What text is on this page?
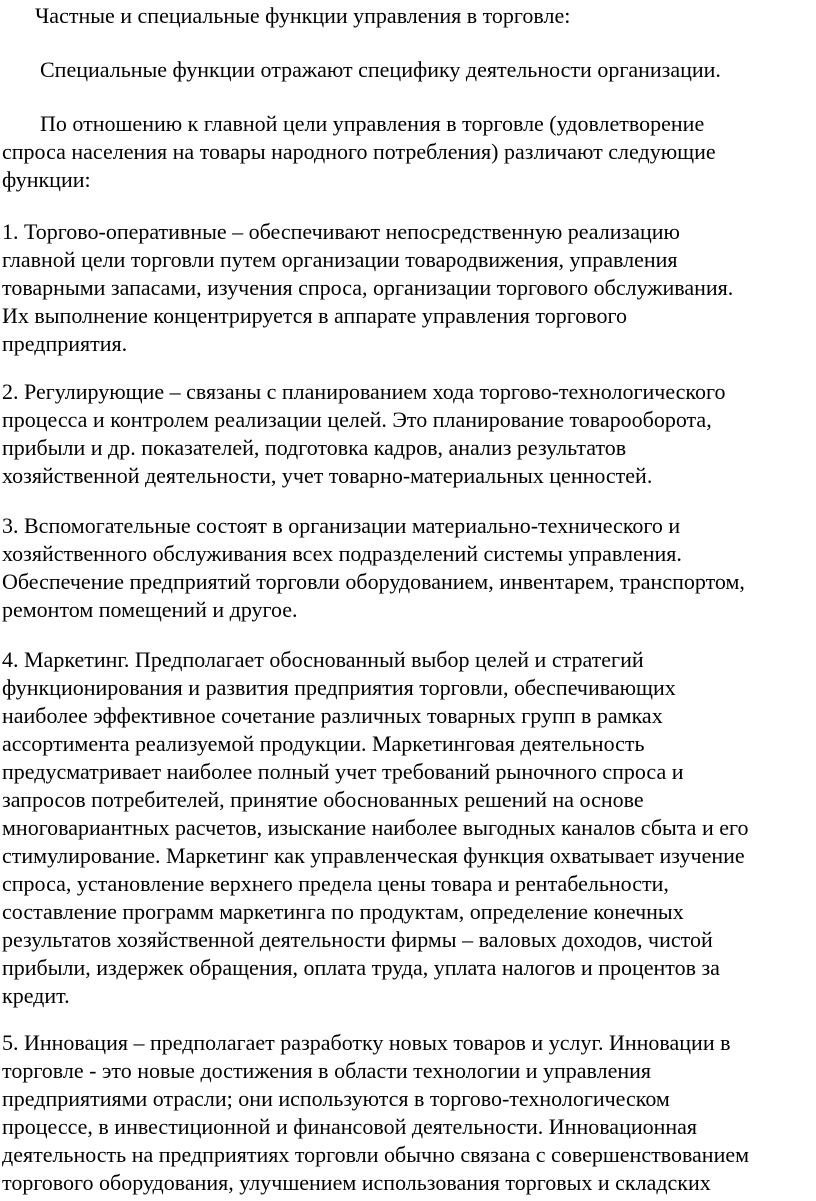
Частные и специальные функции управления в торговле:

Специальные функции отражают специфику деятельности организации.

По отношению к главной цели управления в торговле (удовлетворение
спроса населения на товары народного потребления) различают следующие
функции:

1. Торгово-оперативные – обеспечивают непосредственную реализацию
главной цели торговли путем организации товародвижения, управления
товарными запасами, изучения спроса, организации торгового обслуживания.
Их выполнение концентрируется в аппарате управления торгового
предприятия.

2. Регулирующие – связаны с планированием хода торгово-технологического
процесса и контролем реализации целей. Это планирование товарооборота,
прибыли и др. показателей, подготовка кадров, анализ результатов
хозяйственной деятельности, учет товарно-материальных ценностей.

3. Вспомогательные состоят в организации материально-технического и
хозяйственного обслуживания всех подразделений системы управления.
Обеспечение предприятий торговли оборудованием, инвентарем, транспортом,
ремонтом помещений и другое.

4. Маркетинг. Предполагает обоснованный выбор целей и стратегий
функционирования и развития предприятия торговли, обеспечивающих
наиболее эффективное сочетание различных товарных групп в рамках
ассортимента реализуемой продукции. Маркетинговая деятельность
предусматривает наиболее полный учет требований рыночного спроса и
запросов потребителей, принятие обоснованных решений на основе
многовариантных расчетов, изыскание наиболее выгодных каналов сбыта и его
стимулирование. Маркетинг как управленческая функция охватывает изучение
спроса, установление верхнего предела цены товара и рентабельности,
составление программ маркетинга по продуктам, определение конечных
результатов хозяйственной деятельности фирмы – валовых доходов, чистой
прибыли, издержек обращения, оплата труда, уплата налогов и процентов за
кредит.

5. Инновация – предполагает разработку новых товаров и услуг. Инновации в
торговле - это новые достижения в области технологии и управления
предприятиями отрасли; они используются в торгово-технологическом
процессе, в инвестиционной и финансовой деятельности. Инновационная
деятельность на предприятиях торговли обычно связана с совершенствованием
торгового оборудования, улучшением использования торговых и складских
